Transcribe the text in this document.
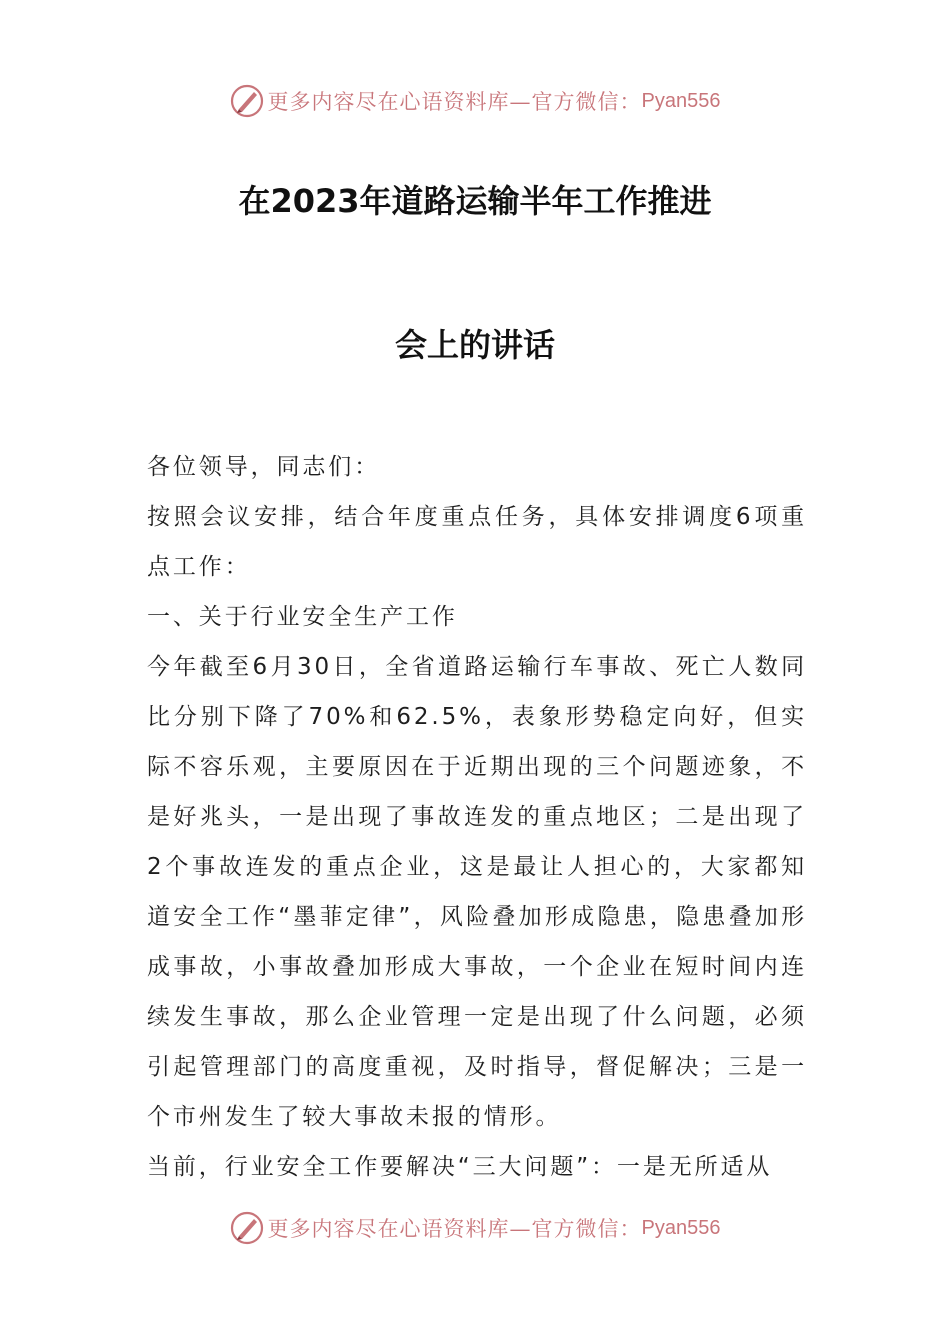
更多内容尽在心语资料库—官方微信： Pyan556
在2023年道路运输半年工作推进
会上的讲话

各位领导，同志们：

按照会议安排，结合年度重点任务，具体安排调度6项重点工作：

一、关于行业安全生产工作

今年截至6月30日，全省道路运输行车事故、死亡人数同比分别下降了70%和62.5%，表象形势稳定向好，但实际不容乐观，主要原因在于近期出现的三个问题迹象，不是好兆头，一是出现了事故连发的重点地区；二是出现了2个事故连发的重点企业，这是最让人担心的，大家都知道安全工作“墨菲定律”，风险叠加形成隐患，隐患叠加形成事故，小事故叠加形成大事故，一个企业在短时间内连续发生事故，那么企业管理一定是出现了什么问题，必须引起管理部门的高度重视，及时指导，督促解决；三是一个市州发生了较大事故未报的情形。

当前，行业安全工作要解决“三大问题”：一是无所适从

更多内容尽在心语资料库—官方微信： Pyan556
